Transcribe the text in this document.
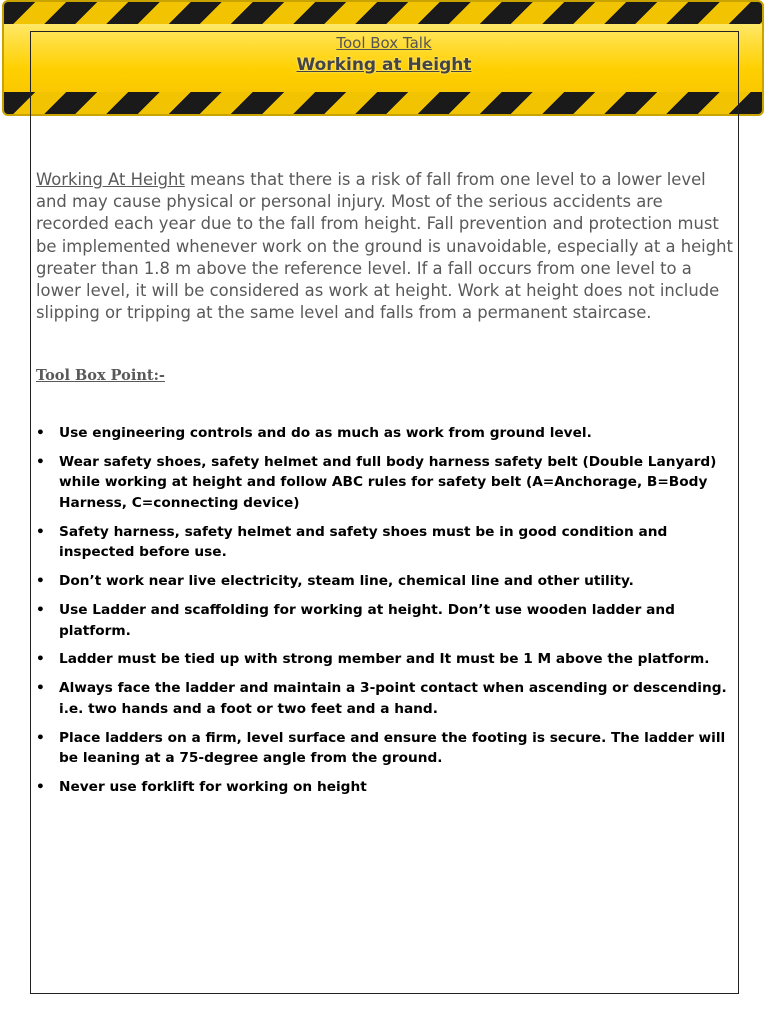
Tool Box Talk
Working at Height

Working At Height means that there is a risk of fall from one level to a lower level and may cause physical or personal injury. Most of the serious accidents are recorded each year due to the fall from height. Fall prevention and protection must be implemented whenever work on the ground is unavoidable, especially at a height greater than 1.8 m above the reference level. If a fall occurs from one level to a lower level, it will be considered as work at height. Work at height does not include slipping or tripping at the same level and falls from a permanent staircase.

Tool Box Point:-

• Use engineering controls and do as much as work from ground level.
• Wear safety shoes, safety helmet and full body harness safety belt (Double Lanyard) while working at height and follow ABC rules for safety belt (A=Anchorage, B=Body Harness, C=connecting device)
• Safety harness, safety helmet and safety shoes must be in good condition and inspected before use.
• Don’t work near live electricity, steam line, chemical line and other utility.
• Use Ladder and scaffolding for working at height. Don’t use wooden ladder and platform.
• Ladder must be tied up with strong member and It must be 1 M above the platform.
• Always face the ladder and maintain a 3-point contact when ascending or descending. i.e. two hands and a foot or two feet and a hand.
• Place ladders on a firm, level surface and ensure the footing is secure. The ladder will be leaning at a 75-degree angle from the ground.
• Never use forklift for working on height
